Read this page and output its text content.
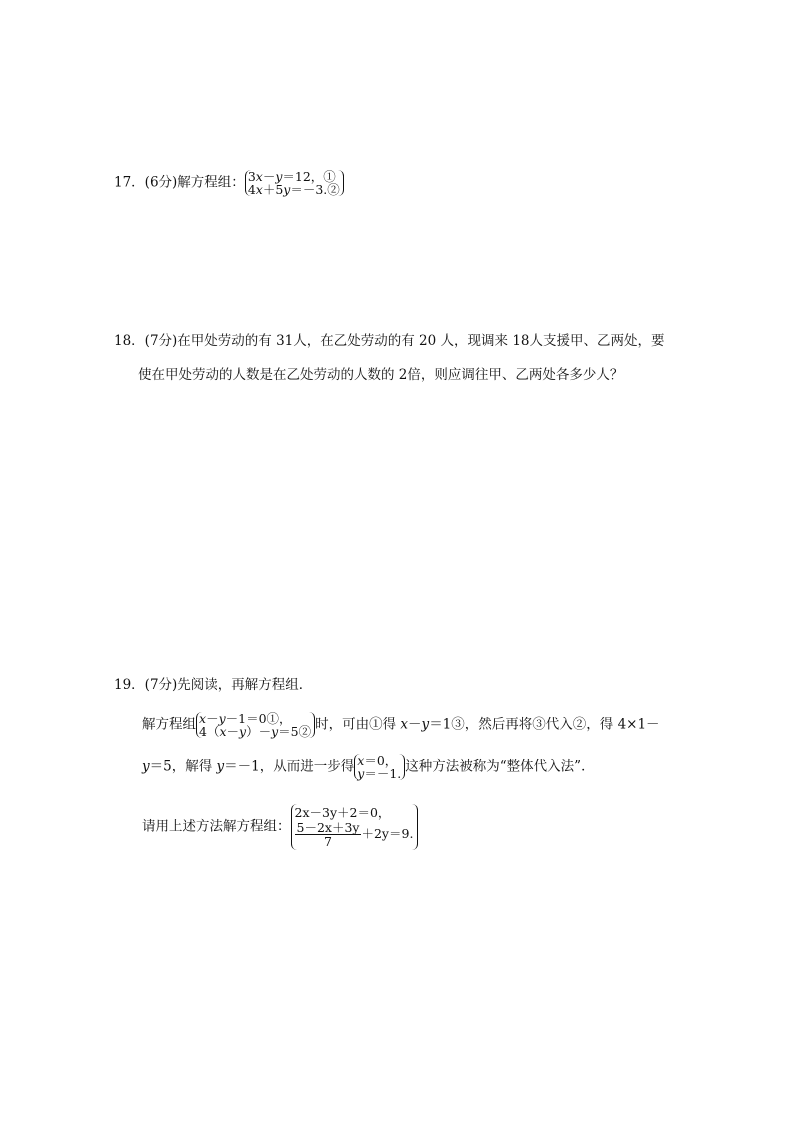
17．(6分)解方程组： 3x－y＝12，①
4x＋5y＝－3.②
18．(7分)在甲处劳动的有 31人，在乙处劳动的有 20 人，现调来 18人支援甲、乙两处，要
使在甲处劳动的人数是在乙处劳动的人数的 2倍，则应调往甲、乙两处各多少人？
19．(7分)先阅读，再解方程组．
解方程组 x－y－1＝0①，
4（x－y）－y＝5② 时，可由①得 x－y＝1③，然后再将③代入②，得 4×1－
y＝5，解得 y＝－1，从而进一步得 x＝0，
y＝－1. 这种方法被称为“整体代入法”．
请用上述方法解方程组：
2x－3y＋2＝0，
$\frac{5-2x+3y}{7} +2y=9$.
